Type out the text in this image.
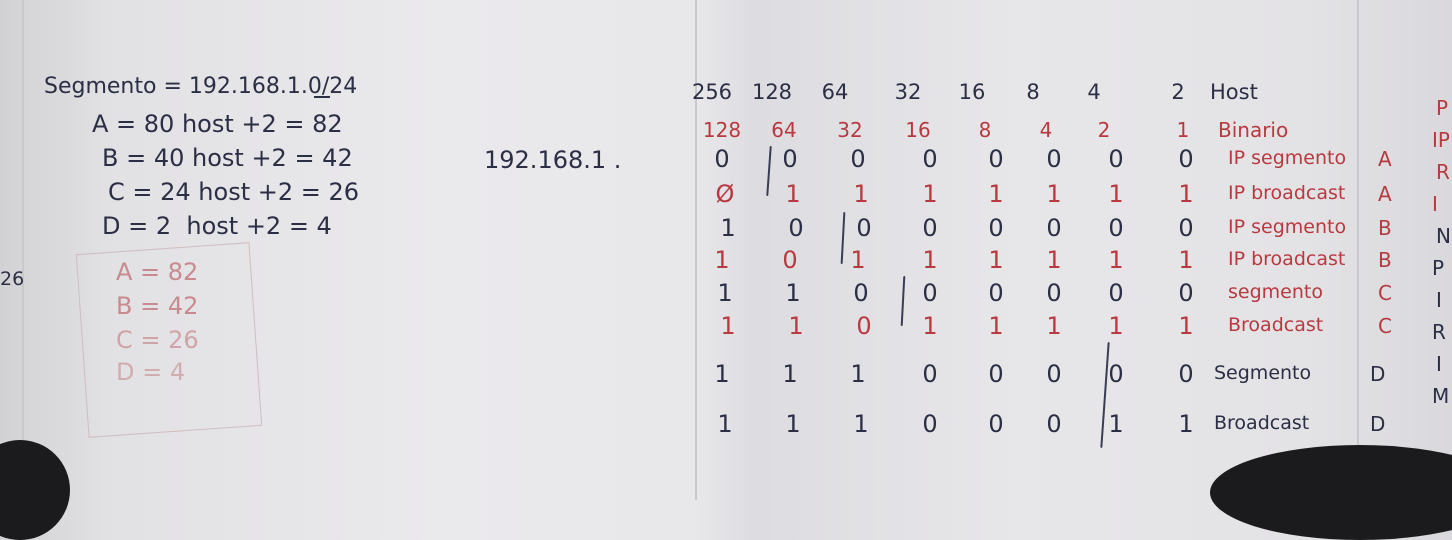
Segmento = 192.168.1.0/24
A = 80 host +2 = 82
B = 40 host +2 = 42
C = 24 host +2 = 26
D = 2  host +2 = 4
26	A = 82
B = 42
C = 26
D = 4
192.168.1 .
256 128 64 32 16 8 4	2 Host
128 64 32 16 8 4 2	1 Binario
0 0 0 0 0 0 0 0 IP segmento A
Ø 1 1 1 1 1 1 1 IP broadcast A
1 0 0 0 0 0 0 0 IP segmento B
1 0 1 1 1 1 1 1 IP broadcast B
1 1 0 0 0 0 0 0 segmento	C
1 1 0 1 1 1 1 1 Broadcast	C
1 1 1 0 0 0 0 0 Segmento	D
1 1 1 0 0 0 1 1 Broadcast	D
P
IP
R
I
N
P
I
R
I
M
